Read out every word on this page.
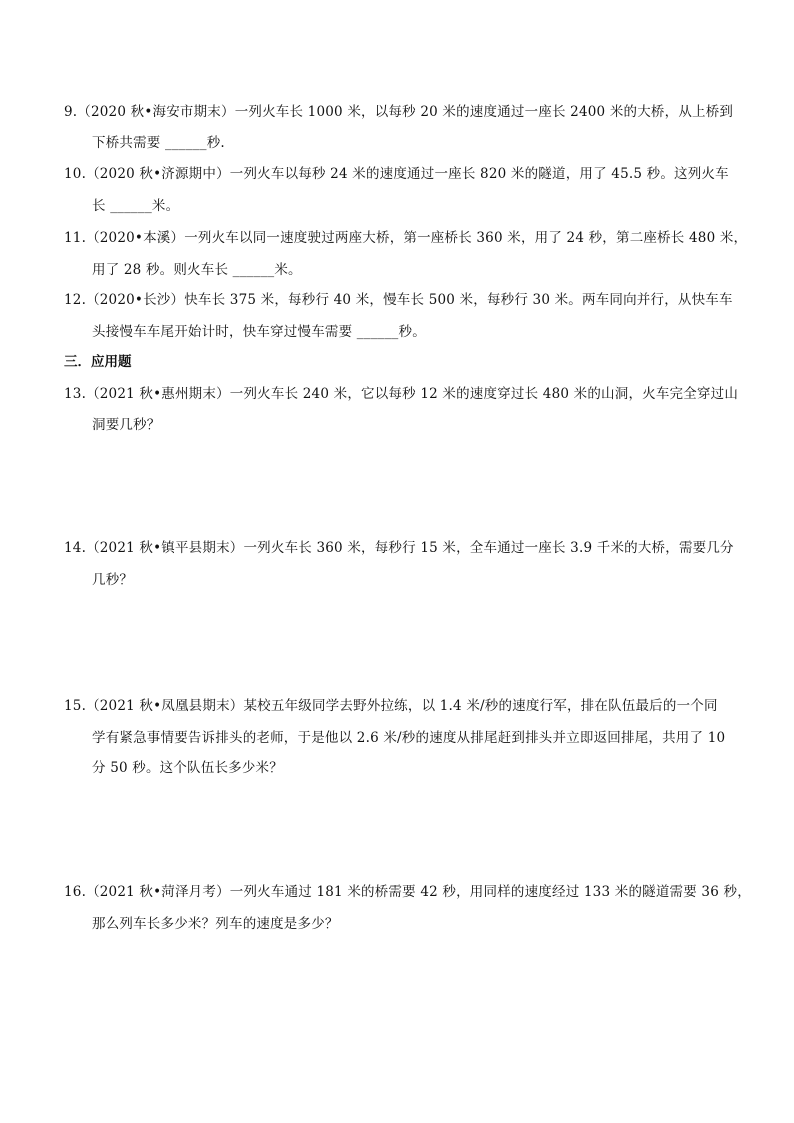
9.（2020 秋•海安市期末）一列火车长 1000 米，以每秒 20 米的速度通过一座长 2400 米的大桥，从上桥到
下桥共需要 ______秒.
10.（2020 秋•济源期中）一列火车以每秒 24 米的速度通过一座长 820 米的隧道，用了 45.5 秒。这列火车
长 ______米。
11.（2020•本溪）一列火车以同一速度驶过两座大桥，第一座桥长 360 米，用了 24 秒，第二座桥长 480 米，
用了 28 秒。则火车长 ______米。
12.（2020•长沙）快车长 375 米，每秒行 40 米，慢车长 500 米，每秒行 30 米。两车同向并行，从快车车
头接慢车车尾开始计时，快车穿过慢车需要 ______秒。
三．应用题
13.（2021 秋•惠州期末）一列火车长 240 米，它以每秒 12 米的速度穿过长 480 米的山洞，火车完全穿过山
洞要几秒？
14.（2021 秋•镇平县期末）一列火车长 360 米，每秒行 15 米，全车通过一座长 3.9 千米的大桥，需要几分
几秒？
15.（2021 秋•凤凰县期末）某校五年级同学去野外拉练，以 1.4 米/秒的速度行军，排在队伍最后的一个同
学有紧急事情要告诉排头的老师，于是他以 2.6 米/秒的速度从排尾赶到排头并立即返回排尾，共用了 10
分 50 秒。这个队伍长多少米？
16.（2021 秋•菏泽月考）一列火车通过 181 米的桥需要 42 秒，用同样的速度经过 133 米的隧道需要 36 秒，
那么列车长多少米？列车的速度是多少？
